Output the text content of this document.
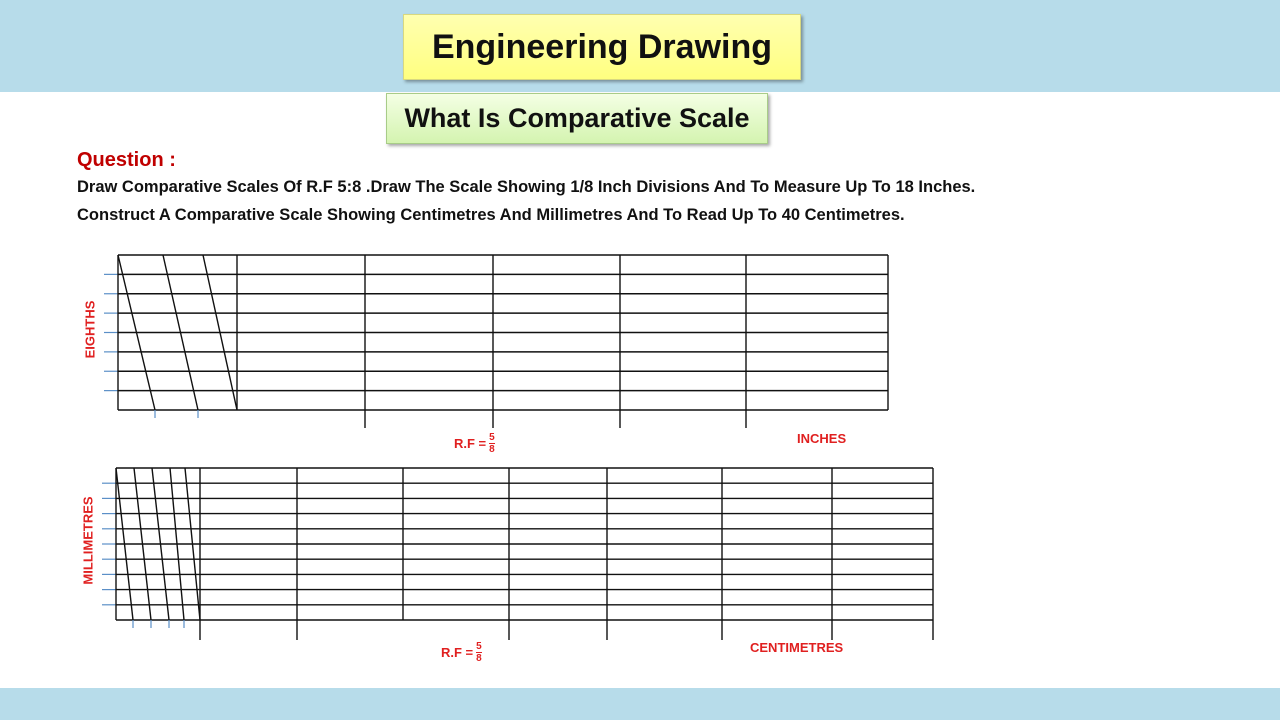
Engineering Drawing
What Is Comparative Scale
Question :
Draw Comparative Scales Of R.F 5:8 .Draw The Scale Showing 1/8 Inch Divisions And To Measure Up To 18 Inches.
Construct A Comparative Scale Showing Centimetres And Millimetres And To Read Up To 40 Centimetres.
EIGHTHS
INCHES
$R.F = \frac{5}{8}$
MILLIMETRES
CENTIMETRES
$R.F = \frac{5}{8}$
